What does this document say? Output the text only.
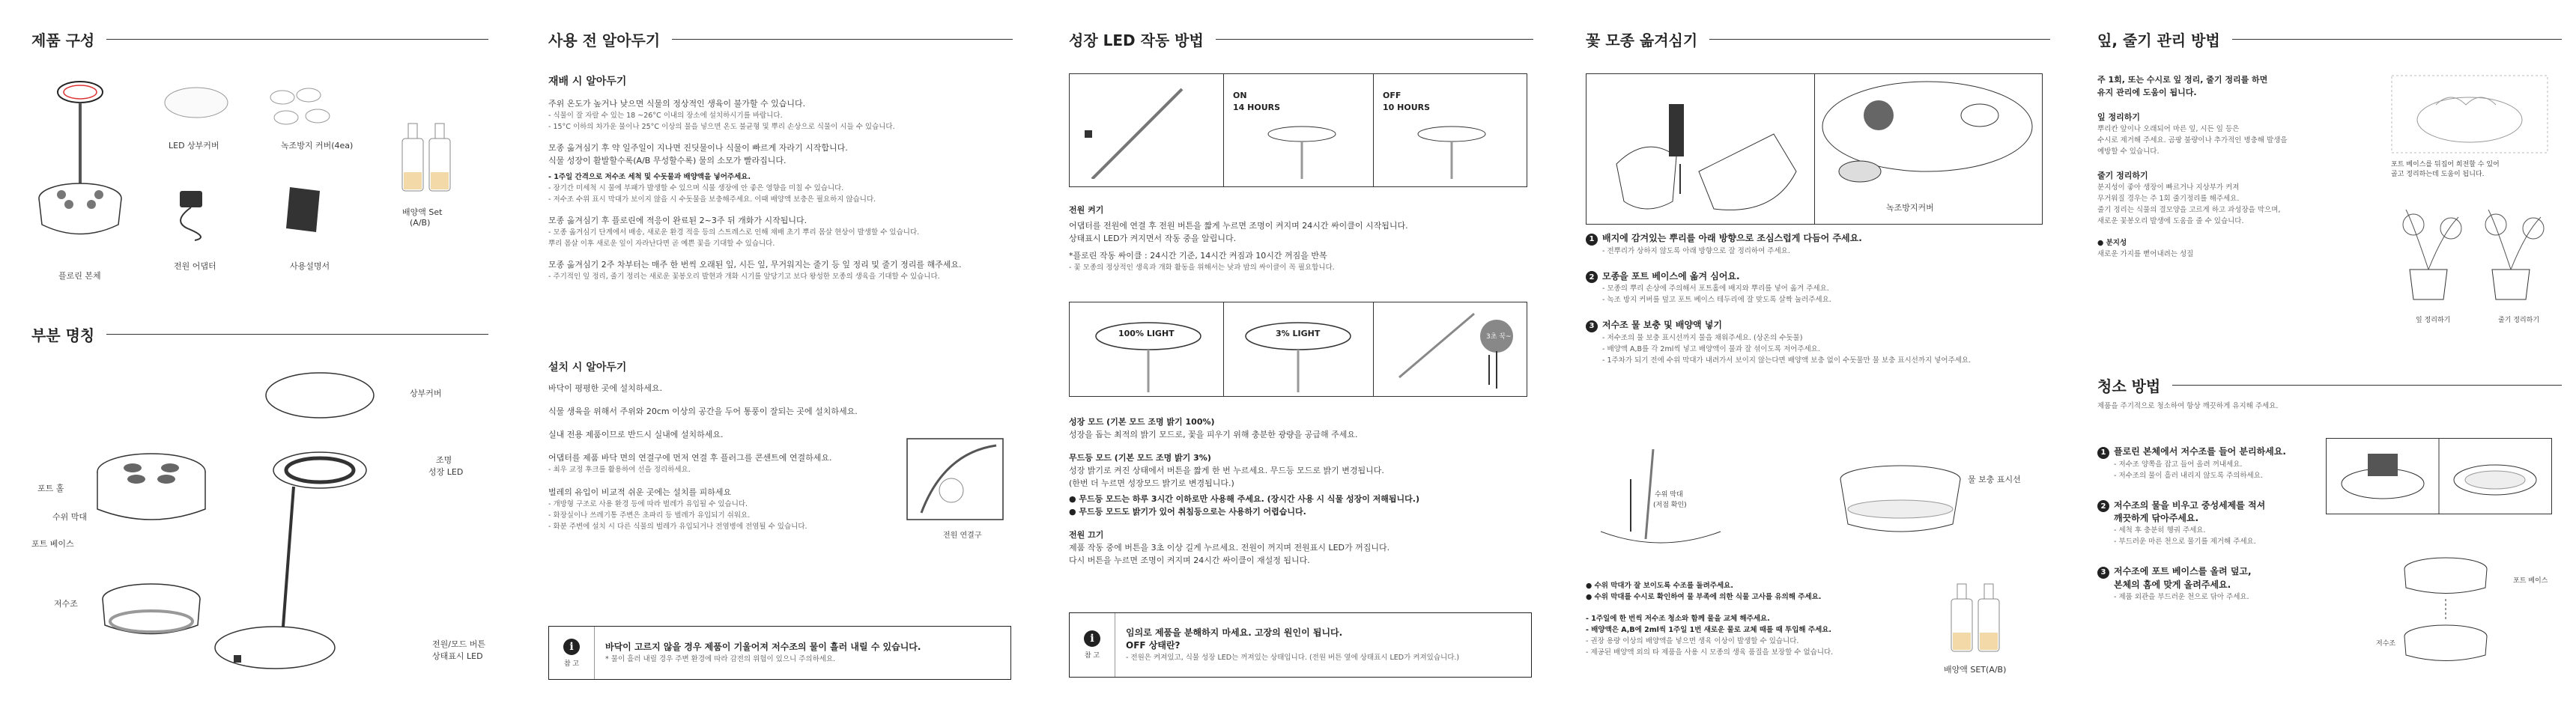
제품 구성
플로린 본체
LED 상부커버	녹조방지 커버(4ea)
배양액 Set
(A/B)
전원 어댑터	사용설명서
부분 명칭
상부커버
조명
성장 LED
포트 홀
수위 막대
포트 베이스
저수조
전원/모드 버튼
상태표시 LED
사용 전 알아두기
재배 시 알아두기

주위 온도가 높거나 낮으면 식물의 정상적인 생육이 불가할 수 있습니다.

- 식물이 잘 자랄 수 있는 18 ~26°C 이내의 장소에 설치하시기를 바랍니다.

- 15°C 이하의 차가운 물이나 25°C 이상의 물을 넣으면 온도 불균형 및 뿌리 손상으로 식물이 시들 수 있습니다.

모종 옮겨심기 후 약 일주일이 지나면 진딧물이나 식물이 빠르게 자라기 시작합니다.

식물 성장이 활발할수록(A/B 무성할수록) 물의 소모가 빨라집니다.

- 1주일 간격으로 저수조 세척 및 수돗물과 배양액을 넣어주세요.

- 장기간 미세척 시 물에 부패가 발생할 수 있으며 식물 생장에 안 좋은 영향을 미칠 수 있습니다.

- 저수조 수위 표시 막대가 보이지 않을 시 수돗물을 보충해주세요. 이때 배양액 보충은 필요하지 않습니다.

모종 옮겨심기 후 플로린에 적응이 완료된 2~3주 뒤 개화가 시작됩니다.

- 모종 옮겨심기 단계에서 배송, 새로운 환경 적응 등의 스트레스로 인해 채배 초기 뿌리 몸살 현상이 발생할 수 있습니다.

뿌리 몸살 이후 새로운 잎이 자라난다면 곧 예쁜 꽃을 기대할 수 있습니다.

모종 옮겨심기 2주 차부터는 매주 한 번씩 오래된 잎, 시든 잎, 무거워지는 줄기 등 잎 정리 및 줄기 정리를 해주세요.

- 주기적인 잎 정리, 줄기 정리는 새로운 꽃봉오리 발현과 개화 시기를 앞당기고 보다 왕성한 모종의 생육을 기대할 수 있습니다.

설치 시 알아두기

바닥이 평평한 곳에 설치하세요.

식물 생육을 위해서 주위와 20cm 이상의 공간을 두어 통풍이 잘되는 곳에 설치하세요.

실내 전용 제품이므로 반드시 실내에 설치하세요.

어댑터를 제품 바닥 면의 연결구에 먼저 연결 후 플러그를 콘센트에 연결하세요.

- 최우 교정 후크를 활용하여 선을 정리하세요.

벌레의 유입이 비교적 쉬운 곳에는 설치를 피하세요

- 개방형 구조로 사용 환경 등에 따라 벌레가 유입될 수 있습니다.

- 화장실이나 쓰레기통 주변은 초파리 등 벌레가 유입되기 쉬워요.

- 화분 주변에 설치 시 다른 식물의 벌레가 유입되거나 전염병에 전염될 수 있습니다.

전원 연결구
i
참 고
바닥이 고르지 않을 경우 제품이 기울어져 저수조의 물이 흘러 내릴 수 있습니다.
* 물이 흘러 내릴 경우 주변 환경에 따라 감전의 위험이 있으니 주의하세요.
성장 LED 작동 방법
ON
14 HOURS
OFF
10 HOURS
전원 켜기

어댑터를 전원에 연결 후 전원 버튼을 짧게 누르면 조명이 켜지며 24시간 싸이클이 시작됩니다.

상태표시 LED가 켜지면서 작동 중을 알립니다.

*플로린 작동 싸이클 : 24시간 기준, 14시간 켜짐과 10시간 꺼짐을 반복

- 꽃 모종의 정상적인 생육과 개화 활동을 위해서는 낮과 밤의 싸이클이 꼭 필요합니다.

100% LIGHT	3% LIGHT	3초 꾹~
성장 모드 (기본 모드 조명 밝기 100%)

성장을 돕는 최적의 밝기 모드로, 꽃을 피우기 위해 충분한 광량을 공급해 주세요.

무드등 모드 (기본 모드 조명 밝기 3%)

성장 밝기로 켜진 상태에서 버튼을 짧게 한 번 누르세요. 무드등 모드로 밝기 변경됩니다.

(한번 더 누르면 성장모드 밝기로 변경됩니다.)

● 무드등 모드는 하루 3시간 이하로만 사용해 주세요. (장시간 사용 시 식물 성장이 저해됩니다.)

● 무드등 모드도 밝기가 있어 취침등으로는 사용하기 어렵습니다.

전원 끄기

제품 작동 중에 버튼을 3초 이상 길게 누르세요. 전원이 꺼지며 전원표시 LED가 꺼집니다.

다시 버튼을 누르면 조명이 켜지며 24시간 싸이클이 재설정 됩니다.

i
참 고
임의로 제품을 분해하지 마세요. 고장의 원인이 됩니다.
OFF 상태란?
- 전원은 켜져있고, 식물 성장 LED는 꺼져있는 상태입니다. (전원 버튼 옆에 상태표시 LED가 켜져있습니다.)
꽃 모종 옮겨심기
녹조방지커버
1 배지에 감겨있는 뿌리를 아래 방향으로 조심스럽게 다듬어 주세요.

- 전뿌리가 상하지 않도록 아래 방향으로 잘 정리하여 주세요.

2 모종을 포트 베이스에 옮겨 심어요.

- 모종의 뿌리 손상에 주의해서 포트홀에 배지와 뿌리를 넣어 옮겨 주세요.

- 녹조 방지 커버를 덮고 포트 베이스 테두리에 잘 맞도록 살짝 눌러주세요.

3 저수조 물 보충 및 배양액 넣기

- 저수조의 물 보충 표시선까지 물을 채워주세요. (상온의 수돗물)

- 배양액 A,B를 각 2ml씩 넣고 배양액이 물과 잘 섞이도록 저어주세요.

- 1주차가 되기 전에 수위 막대가 내려가서 보이지 않는다면 배양액 보충 없이 수돗물만 물 보충 표시선까지 넣어주세요.

수위 막대
(저점 확인)
물 보충 표시선

● 수위 막대가 잘 보이도록 수조를 돌려주세요.

● 수위 막대를 수시로 확인하여 물 부족에 의한 식물 고사를 유의해 주세요.

- 1주일에 한 번씩 저수조 청소와 함께 물을 교체 해주세요.

- 배양액은 A,B에 2ml씩 1주일 1번 새로운 물로 교체 때를 때 투입해 주세요.

- 권장 용량 이상의 배양액을 넣으면 생육 이상이 발생할 수 있습니다.

- 제공된 배양액 외의 타 제품을 사용 시 모종의 생육 품질을 보장할 수 없습니다.

배양액 SET(A/B)
잎, 줄기 관리 방법

주 1회, 또는 수시로 잎 정리, 줄기 정리를 하면

유지 관리에 도움이 됩니다.

잎 정리하기

뿌리칸 앞이나 오래되어 마른 잎, 시든 잎 등은

수시로 제거해 주세요. 곰팡 불량이나 추가적인 병충해 발생을

예방할 수 있습니다.

줄기 정리하기

분지성이 좋아 생장이 빠르거나 지상부가 커져

무거워질 경우는 주 1회 줄기정리를 해주세요.

줄기 정리는 식물의 결모양을 고르게 하고 과성장을 막으며,

새로운 꽃봉오리 발생에 도움을 줄 수 있습니다.

● 분지성

새로운 가지를 뻗어내려는 성질

포트 베이스를 뒤집어 희전할 수 있어
골고 정리하는데 도움이 됩니다.
잎 정리하기	줄기 정리하기
청소 방법

제품을 주기적으로 청소하여 항상 깨끗하게 유지해 주세요.

1 플로린 본체에서 저수조를 들어 분리하세요.

- 저수조 양쪽을 잡고 들어 올려 꺼내세요.

- 저수조의 물이 흘러 내리지 않도록 주의하세요.

2 저수조의 물을 비우고 중성세제를 적셔

깨끗하게 닦아주세요.

- 세척 후 충분히 헹궈 주세요.

- 부드러운 마른 천으로 물기를 제거해 주세요.

3 저수조에 포트 베이스를 올려 덮고,

본체의 홈에 맞게 올려주세요.

- 제품 외관을 부드러운 천으로 닦아 주세요.

포트 베이스
저수조
